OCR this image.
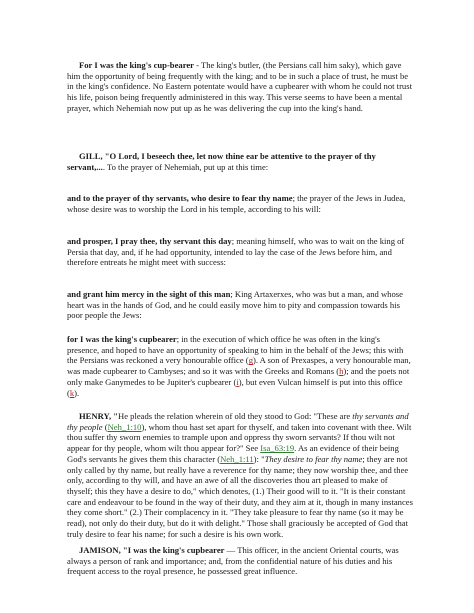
For I was the king's cup-bearer - The king's butler, (the Persians call him saky), which gave him the opportunity of being frequently with the king; and to be in such a place of trust, he must be in the king's confidence. No Eastern potentate would have a cupbearer with whom he could not trust his life, poison being frequently administered in this way. This verse seems to have been a mental prayer, which Nehemiah now put up as he was delivering the cup into the king's hand.
GILL, "O Lord, I beseech thee, let now thine ear be attentive to the prayer of thy servant,.... To the prayer of Nehemiah, put up at this time:
and to the prayer of thy servants, who desire to fear thy name; the prayer of the Jews in Judea, whose desire was to worship the Lord in his temple, according to his will:
and prosper, I pray thee, thy servant this day; meaning himself, who was to wait on the king of Persia that day, and, if he had opportunity, intended to lay the case of the Jews before him, and therefore entreats he might meet with success:
and grant him mercy in the sight of this man; King Artaxerxes, who was but a man, and whose heart was in the hands of God, and he could easily move him to pity and compassion towards his poor people the Jews:
for I was the king's cupbearer; in the execution of which office he was often in the king's presence, and hoped to have an opportunity of speaking to him in the behalf of the Jews; this with the Persians was reckoned a very honourable office (g). A son of Prexaspes, a very honourable man, was made cupbearer to Cambyses; and so it was with the Greeks and Romans (h); and the poets not only make Ganymedes to be Jupiter's cupbearer (i), but even Vulcan himself is put into this office (k).
HENRY, "He pleads the relation wherein of old they stood to God: "These are thy servants and thy people (Neh_1:10), whom thou hast set apart for thyself, and taken into covenant with thee. Wilt thou suffer thy sworn enemies to trample upon and oppress thy sworn servants? If thou wilt not appear for thy people, whom wilt thou appear for?" See Isa_63:19. As an evidence of their being God's servants he gives them this character (Neh_1:11): "They desire to fear thy name; they are not only called by thy name, but really have a reverence for thy name; they now worship thee, and thee only, according to thy will, and have an awe of all the discoveries thou art pleased to make of thyself; this they have a desire to do," which denotes, (1.) Their good will to it. "It is their constant care and endeavour to be found in the way of their duty, and they aim at it, though in many instances they come short." (2.) Their complacency in it. "They take pleasure to fear thy name (so it may be read), not only do their duty, but do it with delight." Those shall graciously be accepted of God that truly desire to fear his name; for such a desire is his own work.
JAMISON, "I was the king's cupbearer — This officer, in the ancient Oriental courts, was always a person of rank and importance; and, from the confidential nature of his duties and his frequent access to the royal presence, he possessed great influence.
